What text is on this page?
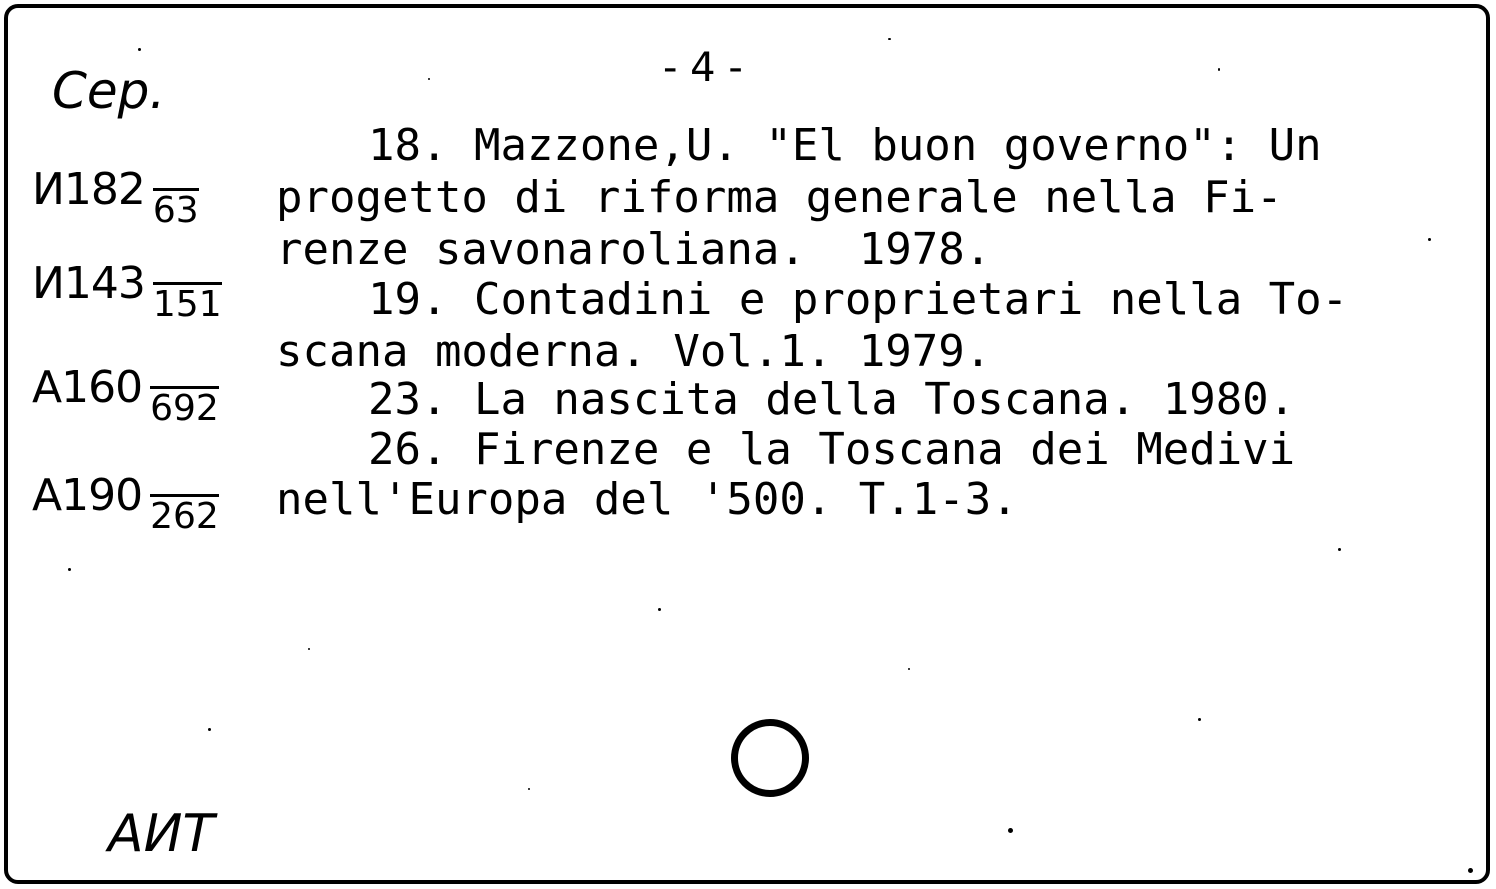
- 4 -
Сер.
И182 63
И143 151
А160 692
А190 262
18. Mazzone,U. "El buon governo": Un
progetto di riforma generale nella Fi-
renze savonaroliana.  1978.
19. Contadini e proprietari nella To-
scana moderna. Vol.1. 1979.
23. La nascita della Toscana. 1980.
26. Firenze e la Toscana dei Medivi
nell'Europa del '500. T.1-3.
АИТ
